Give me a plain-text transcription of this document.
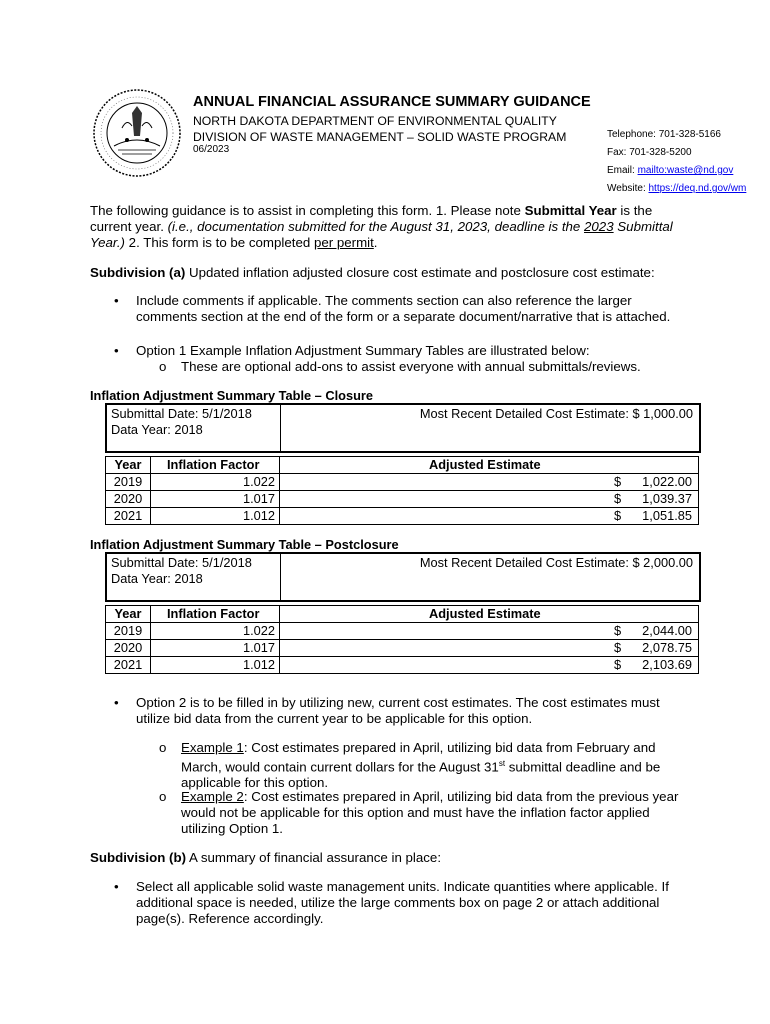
ANNUAL FINANCIAL ASSURANCE SUMMARY GUIDANCE
NORTH DAKOTA DEPARTMENT OF ENVIRONMENTAL QUALITY
DIVISION OF WASTE MANAGEMENT – SOLID WASTE PROGRAM
06/2023
Telephone: 701-328-5166
Fax: 701-328-5200
Email: mailto:waste@nd.gov
Website: https://deq.nd.gov/wm
The following guidance is to assist in completing this form. 1. Please note Submittal Year is the current year. (i.e., documentation submitted for the August 31, 2023, deadline is the 2023 Submittal Year.) 2. This form is to be completed per permit.
Subdivision (a) Updated inflation adjusted closure cost estimate and postclosure cost estimate:
• Include comments if applicable. The comments section can also reference the larger comments section at the end of the form or a separate document/narrative that is attached.
• Option 1 Example Inflation Adjustment Summary Tables are illustrated below:
o These are optional add-ons to assist everyone with annual submittals/reviews.
Inflation Adjustment Summary Table – Closure
Submittal Date: 5/1/2018
Data Year: 2018
Most Recent Detailed Cost Estimate: $ 1,000.00
Year	Inflation Factor	Adjusted Estimate
2019	1.022	$ 1,022.00
2020	1.017	$ 1,039.37
2021	1.012	$ 1,051.85
Inflation Adjustment Summary Table – Postclosure
Submittal Date: 5/1/2018
Data Year: 2018
Most Recent Detailed Cost Estimate: $ 2,000.00
Year	Inflation Factor	Adjusted Estimate
2019	1.022	$ 2,044.00
2020	1.017	$ 2,078.75
2021	1.012	$ 2,103.69
• Option 2 is to be filled in by utilizing new, current cost estimates. The cost estimates must utilize bid data from the current year to be applicable for this option.
o Example 1: Cost estimates prepared in April, utilizing bid data from February and March, would contain current dollars for the August 31st submittal deadline and be applicable for this option.
o Example 2: Cost estimates prepared in April, utilizing bid data from the previous year would not be applicable for this option and must have the inflation factor applied utilizing Option 1.
Subdivision (b) A summary of financial assurance in place:
• Select all applicable solid waste management units. Indicate quantities where applicable. If additional space is needed, utilize the large comments box on page 2 or attach additional page(s). Reference accordingly.
